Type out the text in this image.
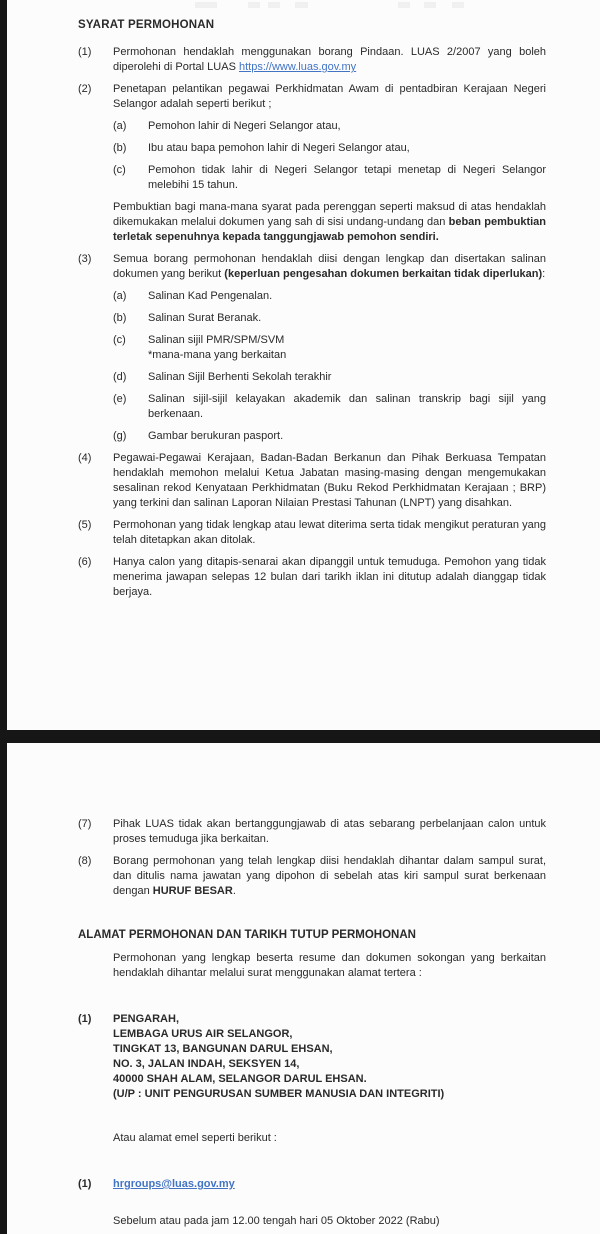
SYARAT PERMOHONAN
(1)	Permohonan hendaklah menggunakan borang Pindaan. LUAS 2/2007 yang boleh diperolehi di Portal LUAS https://www.luas.gov.my
(2)	Penetapan pelantikan pegawai Perkhidmatan Awam di pentadbiran Kerajaan Negeri Selangor adalah seperti berikut ;
(a)	Pemohon lahir di Negeri Selangor atau,
(b)	Ibu atau bapa pemohon lahir di Negeri Selangor atau,
(c)	Pemohon tidak lahir di Negeri Selangor tetapi menetap di Negeri Selangor melebihi 15 tahun.
Pembuktian bagi mana-mana syarat pada perenggan seperti maksud di atas hendaklah dikemukakan melalui dokumen yang sah di sisi undang-undang dan beban pembuktian terletak sepenuhnya kepada tanggungjawab pemohon sendiri.
(3)	Semua borang permohonan hendaklah diisi dengan lengkap dan disertakan salinan dokumen yang berikut (keperluan pengesahan dokumen berkaitan tidak diperlukan):
(a)	Salinan Kad Pengenalan.
(b)	Salinan Surat Beranak.
(c)	Salinan sijil PMR/SPM/SVM
*mana-mana yang berkaitan
(d)	Salinan Sijil Berhenti Sekolah terakhir
(e)	Salinan sijil-sijil kelayakan akademik dan salinan transkrip bagi sijil yang berkenaan.
(g)	Gambar berukuran pasport.
(4)	Pegawai-Pegawai Kerajaan, Badan-Badan Berkanun dan Pihak Berkuasa Tempatan hendaklah memohon melalui Ketua Jabatan masing-masing dengan mengemukakan sesalinan rekod Kenyataan Perkhidmatan (Buku Rekod Perkhidmatan Kerajaan ; BRP) yang terkini dan salinan Laporan Nilaian Prestasi Tahunan (LNPT) yang disahkan.
(5)	Permohonan yang tidak lengkap atau lewat diterima serta tidak mengikut peraturan yang telah ditetapkan akan ditolak.
(6)	Hanya calon yang ditapis-senarai akan dipanggil untuk temuduga. Pemohon yang tidak menerima jawapan selepas 12 bulan dari tarikh iklan ini ditutup adalah dianggap tidak berjaya.
(7)	Pihak LUAS tidak akan bertanggungjawab di atas sebarang perbelanjaan calon untuk proses temuduga jika berkaitan.
(8)	Borang permohonan yang telah lengkap diisi hendaklah dihantar dalam sampul surat, dan ditulis nama jawatan yang dipohon di sebelah atas kiri sampul surat berkenaan dengan HURUF BESAR.
ALAMAT PERMOHONAN DAN TARIKH TUTUP PERMOHONAN
Permohonan yang lengkap beserta resume dan dokumen sokongan yang berkaitan hendaklah dihantar melalui surat menggunakan alamat tertera :
(1)	PENGARAH,
LEMBAGA URUS AIR SELANGOR,
TINGKAT 13, BANGUNAN DARUL EHSAN,
NO. 3, JALAN INDAH, SEKSYEN 14,
40000 SHAH ALAM, SELANGOR DARUL EHSAN.
(U/P : UNIT PENGURUSAN SUMBER MANUSIA DAN INTEGRITI)
Atau alamat emel seperti berikut :
(1)	hrgroups@luas.gov.my
Sebelum atau pada jam 12.00 tengah hari 05 Oktober 2022 (Rabu)
